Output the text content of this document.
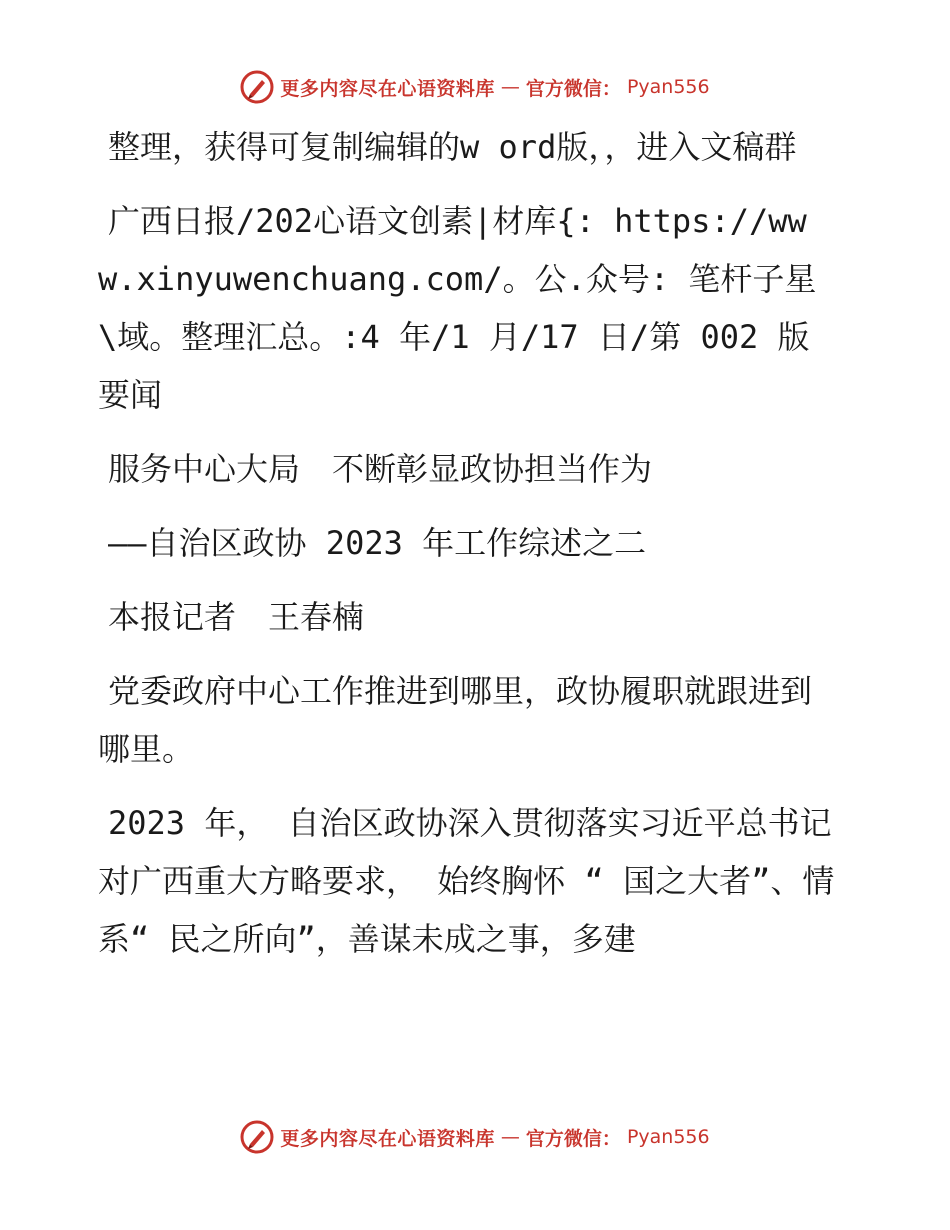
更多内容尽在心语资料库 — 官方微信： Pyan556

整理，获得可复制编辑的w ord版，，进入文稿群

广西日报/202心语文创素|材库{: https://www.xinyuwenchuang.com/。公.众号: 笔杆子星\域。整理汇总。:4 年/1 月/17 日/第 002 版要闻

服务中心大局　不断彰显政协担当作为

——自治区政协 2023 年工作综述之二

本报记者　王春楠

党委政府中心工作推进到哪里，政协履职就跟进到哪里。

2023 年， 自治区政协深入贯彻落实习近平总书记对广西重大方略要求， 始终胸怀 “ 国之大者”、情系“ 民之所向”，善谋未成之事，多建

更多内容尽在心语资料库 — 官方微信： Pyan556
